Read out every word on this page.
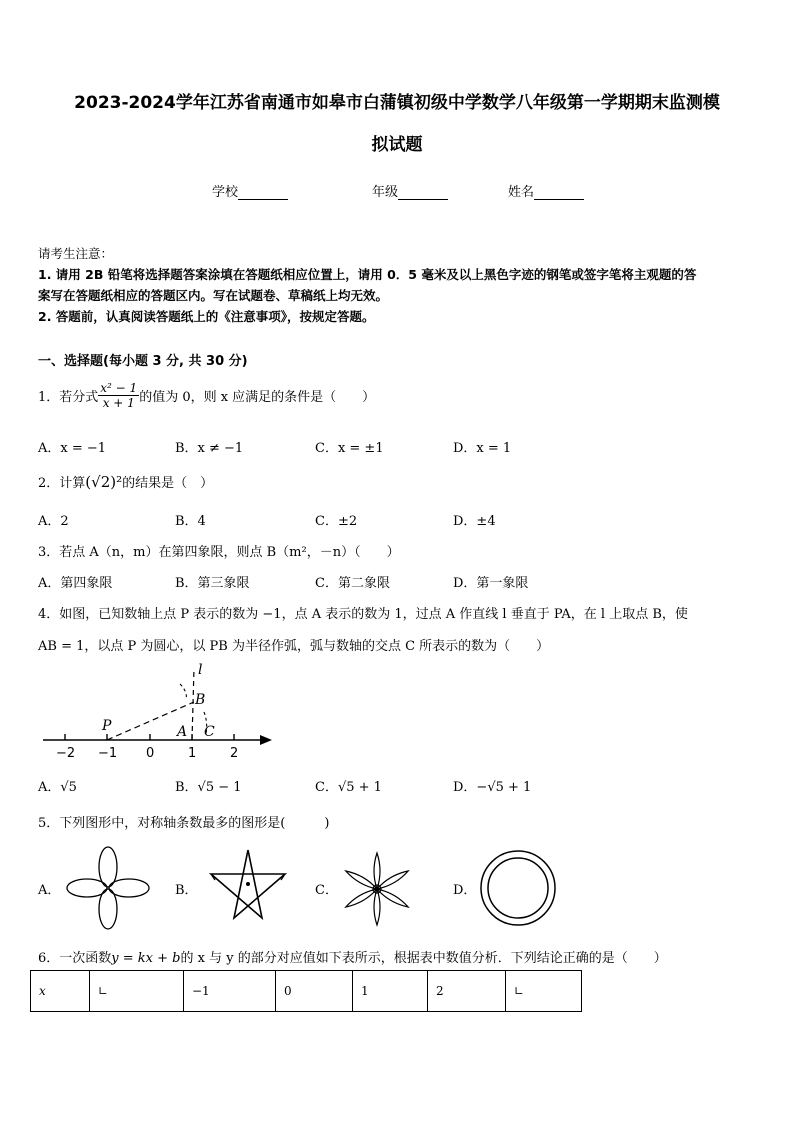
2023-2024学年江苏省南通市如皋市白蒲镇初级中学数学八年级第一学期期末监测模
拟试题
学校	年级	姓名
请考生注意：
1. 请用 2B 铅笔将选择题答案涂填在答题纸相应位置上，请用 0．5 毫米及以上黑色字迹的钢笔或签字笔将主观题的答
案写在答题纸相应的答题区内。写在试题卷、草稿纸上均无效。
2. 答题前，认真阅读答题纸上的《注意事项》，按规定答题。
一、选择题(每小题 3 分, 共 30 分)
1．若分式 $\frac{\text{x² − 1}}{x + 1}$ 的值为 0，则 x 应满足的条件是（　　）
A．x = −1	B．x ≠ −1	C．x = ±1	D．x = 1
2．计算(√2)²的结果是（　）
A．2	B．4	C．±2	D．±4
3．若点 A（n，m）在第四象限，则点 B（m²，－n）（　　）
A．第四象限	B．第三象限	C．第二象限	D．第一象限
4．如图，已知数轴上点 P 表示的数为 −1，点 A 表示的数为 1，过点 A 作直线 l 垂直于 PA，在 l 上取点 B，使
AB = 1，以点 P 为圆心，以 PB 为半径作弧，弧与数轴的交点 C 所表示的数为（　　）
l
B
P	A C
−2 −1 0	1	2
A．√5	B．√5 − 1	C．√5 + 1	D．−√5 + 1
5．下列图形中，对称轴条数最多的图形是(　　　)
A．	B．	C．	D．
6．一次函数y = kx + b的 x 与 y 的部分对应值如下表所示，根据表中数值分析．下列结论正确的是（　　）
x	∟	−1	0	1	2	∟
